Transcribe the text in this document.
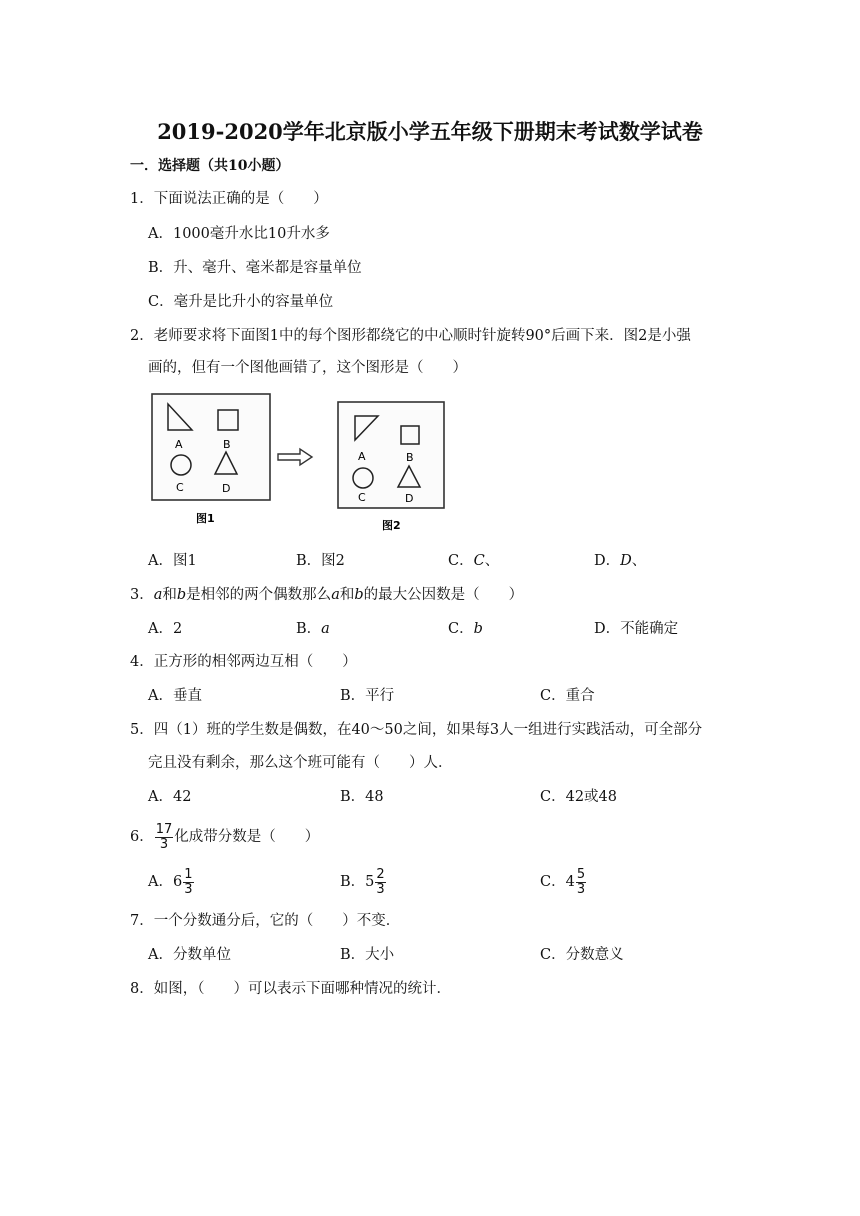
2019-2020学年北京版小学五年级下册期末考试数学试卷
一．选择题（共10小题）
1．下面说法正确的是（　　）
A．1000毫升水比10升水多
B．升、毫升、毫米都是容量单位
C．毫升是比升小的容量单位
2．老师要求将下面图1中的每个图形都绕它的中心顺时针旋转90°后画下来．图2是小强
画的，但有一个图他画错了，这个图形是（　　）
A	B
C	D
图1
A	B
C	D
图2
A．图1	B．图2	C．C、	D．D、
3．a和b是相邻的两个偶数那么a和b的最大公因数是（　　）
A．2	B．a	C．b	D．不能确定
4．正方形的相邻两边互相（　　）
A．垂直	B．平行	C．重合
5．四（1）班的学生数是偶数，在40～50之间，如果每3人一组进行实践活动，可全部分
完且没有剩余，那么这个班可能有（　　）人．
A．42	B．48	C．42或48
6． $\frac{17}{3}$ 化成带分数是（　　）
A．$6 \frac{1}{3}$	B．$5 \frac{2}{3}$	C．$4 \frac{5}{3}$
7．一个分数通分后，它的（　　）不变．
A．分数单位	B．大小	C．分数意义
8．如图，（　　）可以表示下面哪种情况的统计．
